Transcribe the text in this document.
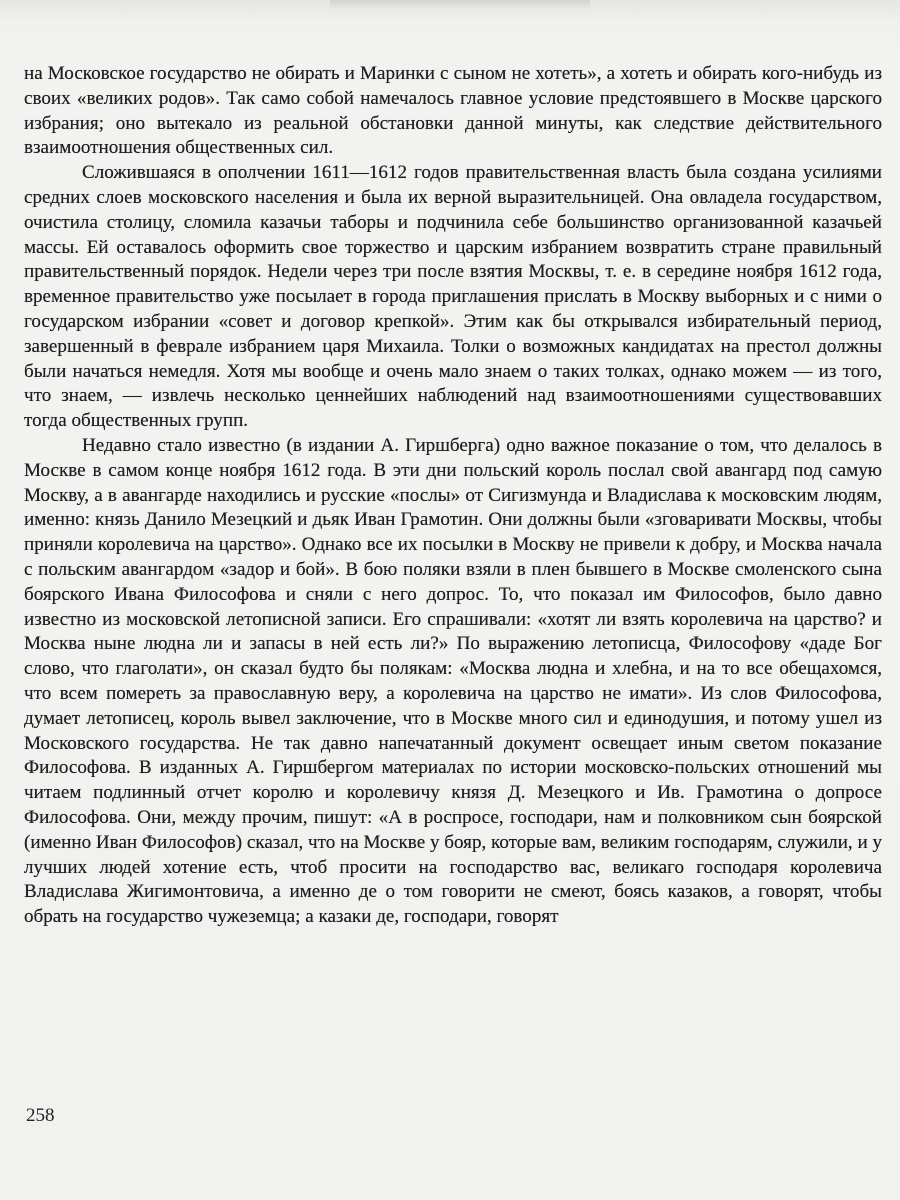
на Московское государство не обирать и Маринки с сыном не хотеть», а хотеть и обирать кого-нибудь из своих «великих родов». Так само собой намечалось главное условие предстоявшего в Москве царского избрания; оно вытекало из реальной обстановки данной минуты, как следствие действительного взаимоотношения общественных сил.

Сложившаяся в ополчении 1611—1612 годов правительственная власть была создана усилиями средних слоев московского населения и была их верной выразительницей. Она овладела государством, очистила столицу, сломила казачьи таборы и подчинила себе большинство организованной казачьей массы. Ей оставалось оформить свое торжество и царским избранием возвратить стране правильный правительственный порядок. Недели через три после взятия Москвы, т. е. в середине ноября 1612 года, временное правительство уже посылает в города приглашения прислать в Москву выборных и с ними о государском избрании «совет и договор крепкой». Этим как бы открывался избирательный период, завершенный в феврале избранием царя Михаила. Толки о возможных кандидатах на престол должны были начаться немедля. Хотя мы вообще и очень мало знаем о таких толках, однако можем — из того, что знаем, — извлечь несколько ценнейших наблюдений над взаимоотношениями существовавших тогда общественных групп.

Недавно стало известно (в издании А. Гиршберга) одно важное показание о том, что делалось в Москве в самом конце ноября 1612 года. В эти дни польский король послал свой авангард под самую Москву, а в авангарде находились и русские «послы» от Сигизмунда и Владислава к московским людям, именно: князь Данило Мезецкий и дьяк Иван Грамотин. Они должны были «зговаривати Москвы, чтобы приняли королевича на царство». Однако все их посылки в Москву не привели к добру, и Москва начала с польским авангардом «задор и бой». В бою поляки взяли в плен бывшего в Москве смоленского сына боярского Ивана Философова и сняли с него допрос. То, что показал им Философов, было давно известно из московской летописной записи. Его спрашивали: «хотят ли взять королевича на царство? и Москва ныне людна ли и запасы в ней есть ли?» По выражению летописца, Философову «даде Бог слово, что глаголати», он сказал будто бы полякам: «Москва людна и хлебна, и на то все обещахомся, что всем помереть за православную веру, а королевича на царство не имати». Из слов Философова, думает летописец, король вывел заключение, что в Москве много сил и единодушия, и потому ушел из Московского государства. Не так давно напечатанный документ освещает иным светом показание Философова. В изданных А. Гиршбергом материалах по истории московско-польских отношений мы читаем подлинный отчет королю и королевичу князя Д. Мезецкого и Ив. Грамотина о допросе Философова. Они, между прочим, пишут: «А в роспросе, господари, нам и полковником сын боярской (именно Иван Философов) сказал, что на Москве у бояр, которые вам, великим господарям, служили, и у лучших людей хотение есть, чтоб просити на господарство вас, великаго господаря королевича Владислава Жигимонтовича, а именно де о том говорити не смеют, боясь казаков, а говорят, чтобы обрать на государство чужеземца; а казаки де, господари, говорят

258
